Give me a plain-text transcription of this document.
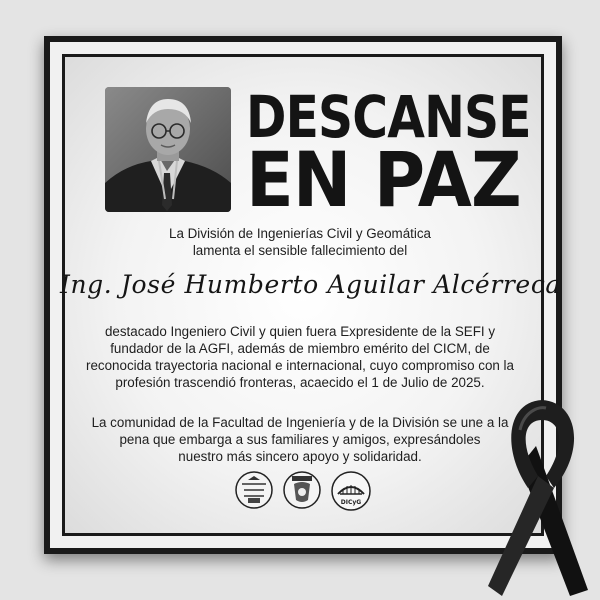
DESCANSE
EN PAZ
La División de Ingenierías Civil y Geomática
lamenta el sensible fallecimiento del
Ing. José Humberto Aguilar Alcérreca
destacado Ingeniero Civil y quien fuera Expresidente de la SEFI y
fundador de la AGFI, además de miembro emérito del CICM, de
reconocida trayectoria nacional e internacional, cuyo compromiso con la
profesión trascendió fronteras, acaecido el 1 de Julio de 2025.
La comunidad de la Facultad de Ingeniería y de la División se une a la
pena que embarga a sus familiares y amigos, expresándoles
nuestro más sincero apoyo y solidaridad.
DICyG
